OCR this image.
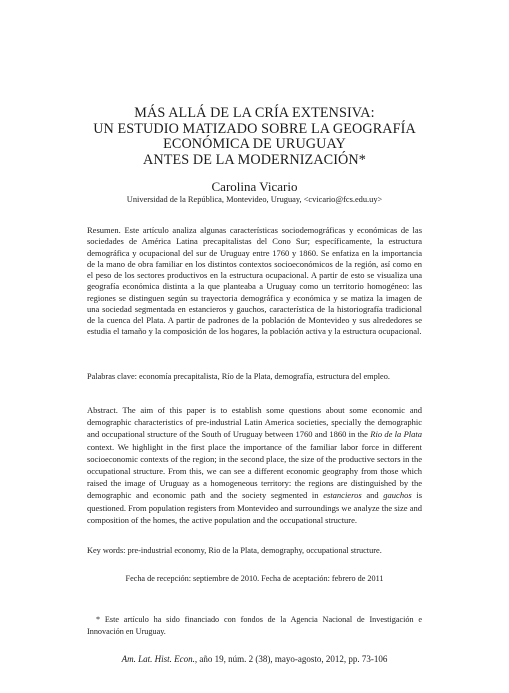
MÁS ALLÁ DE LA CRÍA EXTENSIVA:
UN ESTUDIO MATIZADO SOBRE LA GEOGRAFÍA
ECONÓMICA DE URUGUAY
ANTES DE LA MODERNIZACIÓN*
Carolina Vicario
Universidad de la República, Montevideo, Uruguay, <cvicario@fcs.edu.uy>
Resumen. Este artículo analiza algunas características sociodemográficas y económicas de las sociedades de América Latina precapitalistas del Cono Sur; específicamente, la estructura demográfica y ocupacional del sur de Uruguay entre 1760 y 1860. Se enfatiza en la importancia de la mano de obra familiar en los distintos contextos socioeconómicos de la región, así como en el peso de los sectores productivos en la estructura ocupacional. A partir de esto se visualiza una geografía económica distinta a la que planteaba a Uruguay como un territorio homogéneo: las regiones se distinguen según su trayectoria demográfica y económica y se matiza la imagen de una sociedad segmentada en estancieros y gauchos, característica de la historiografía tradicional de la cuenca del Plata. A partir de padrones de la población de Montevideo y sus alrededores se estudia el tamaño y la composición de los hogares, la población activa y la estructura ocupacional.
Palabras clave: economía precapitalista, Río de la Plata, demografía, estructura del empleo.
Abstract. The aim of this paper is to establish some questions about some economic and demographic characteristics of pre-industrial Latin America societies, specially the demographic and occupational structure of the South of Uruguay between 1760 and 1860 in the Rio de la Plata context. We highlight in the first place the importance of the familiar labor force in different socioeconomic contexts of the region; in the second place, the size of the productive sectors in the occupational structure. From this, we can see a different economic geography from those which raised the image of Uruguay as a homogeneous territory: the regions are distinguished by the demographic and economic path and the society segmented in estancieros and gauchos is questioned. From population registers from Montevideo and surroundings we analyze the size and composition of the homes, the active population and the occupational structure.
Key words: pre-industrial economy, Rio de la Plata, demography, occupational structure.
Fecha de recepción: septiembre de 2010. Fecha de aceptación: febrero de 2011
* Este artículo ha sido financiado con fondos de la Agencia Nacional de Investigación e Innovación en Uruguay.
Am. Lat. Hist. Econ., año 19, núm. 2 (38), mayo-agosto, 2012, pp. 73-106
